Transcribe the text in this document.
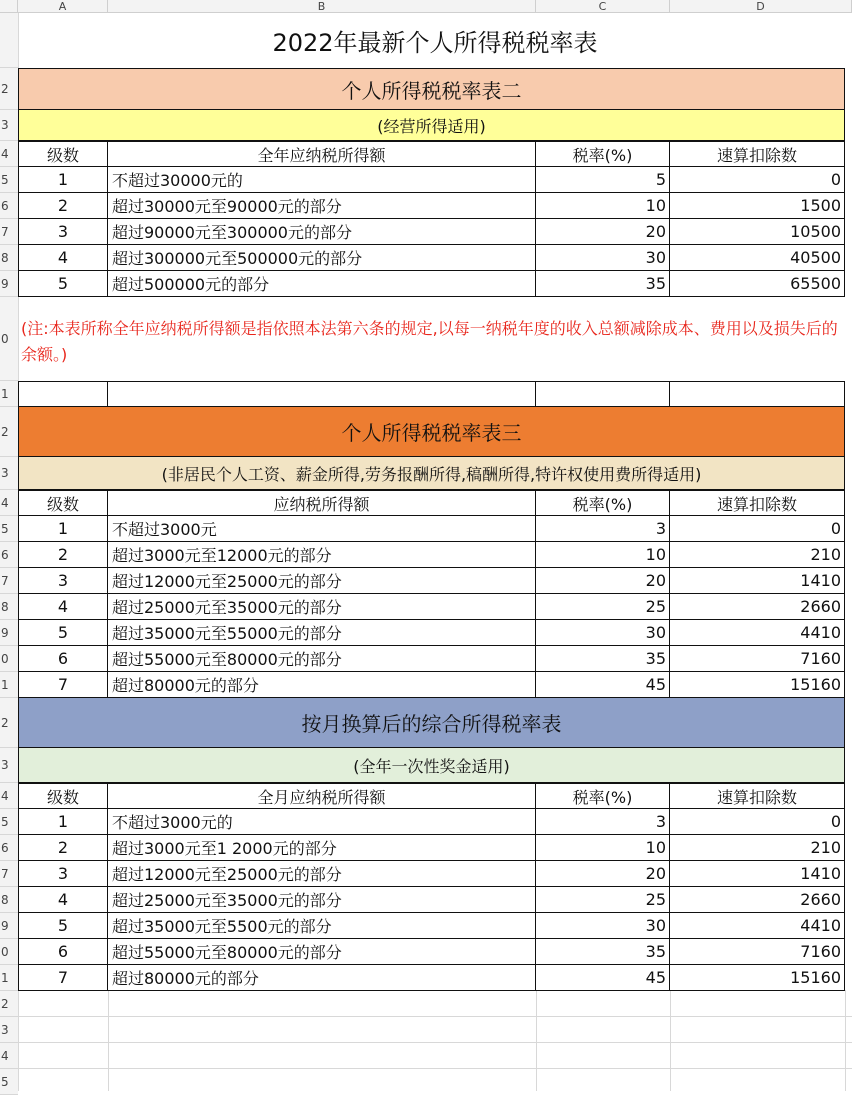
A	B	C	D
2022年最新个人所得税税率表
个人所得税税率表二
(经营所得适用)
级数	全年应纳税所得额	税率(%)	速算扣除数
1	不超过30000元的	5	0
2	超过30000元至90000元的部分	10	1500
3	超过90000元至300000元的部分	20	10500
4	超过300000元至500000元的部分	30	40500
5	超过500000元的部分	35	65500
(注:本表所称全年应纳税所得额是指依照本法第六条的规定,以每一纳税年度的收入总额减除成本、费用以及损失后的余额。)
个人所得税税率表三
(非居民个人工资、薪金所得,劳务报酬所得,稿酬所得,特许权使用费所得适用)
级数	应纳税所得额	税率(%)	速算扣除数
1	不超过3000元	3	0
2	超过3000元至12000元的部分	10	210
3	超过12000元至25000元的部分	20	1410
4	超过25000元至35000元的部分	25	2660
5	超过35000元至55000元的部分	30	4410
6	超过55000元至80000元的部分	35	7160
7	超过80000元的部分	45	15160
按月换算后的综合所得税率表
(全年一次性奖金适用)
级数	全月应纳税所得额	税率(%)	速算扣除数
1	不超过3000元的	3	0
2	超过3000元至1 2000元的部分	10	210
3	超过12000元至25000元的部分	20	1410
4	超过25000元至35000元的部分	25	2660
5	超过35000元至5500元的部分	30	4410
6	超过55000元至80000元的部分	35	7160
7	超过80000元的部分	45	15160
2
3
4
5
6
7
8
9
0
1
2
3
4
5
6
7
8
9
0
1
2
3
4
5
6
7
8
9
0
1
2
3
4
5
